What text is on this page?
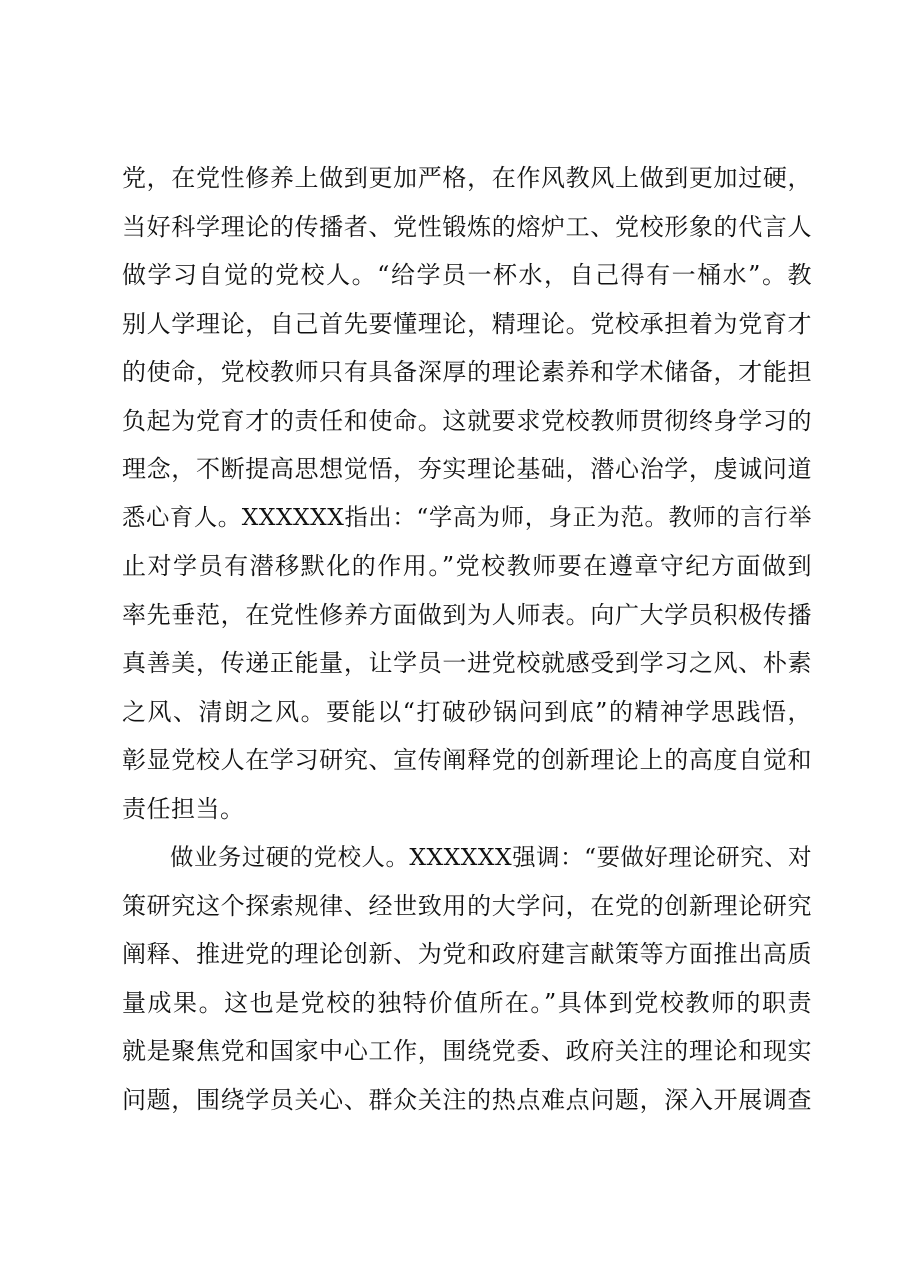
党，在党性修养上做到更加严格，在作风教风上做到更加过硬，
当好科学理论的传播者、党性锻炼的熔炉工、党校形象的代言人
做学习自觉的党校人。“给学员一杯水，自己得有一桶水”。教
别人学理论，自己首先要懂理论，精理论。党校承担着为党育才
的使命，党校教师只有具备深厚的理论素养和学术储备，才能担
负起为党育才的责任和使命。这就要求党校教师贯彻终身学习的
理念，不断提高思想觉悟，夯实理论基础，潜心治学，虔诚问道
悉心育人。XXXXXX指出：“学高为师，身正为范。教师的言行举
止对学员有潜移默化的作用。”党校教师要在遵章守纪方面做到
率先垂范，在党性修养方面做到为人师表。向广大学员积极传播
真善美，传递正能量，让学员一进党校就感受到学习之风、朴素
之风、清朗之风。要能以“打破砂锅问到底”的精神学思践悟，
彰显党校人在学习研究、宣传阐释党的创新理论上的高度自觉和
责任担当。
做业务过硬的党校人。XXXXXX强调：“要做好理论研究、对
策研究这个探索规律、经世致用的大学问，在党的创新理论研究
阐释、推进党的理论创新、为党和政府建言献策等方面推出高质
量成果。这也是党校的独特价值所在。”具体到党校教师的职责
就是聚焦党和国家中心工作，围绕党委、政府关注的理论和现实
问题，围绕学员关心、群众关注的热点难点问题，深入开展调查
